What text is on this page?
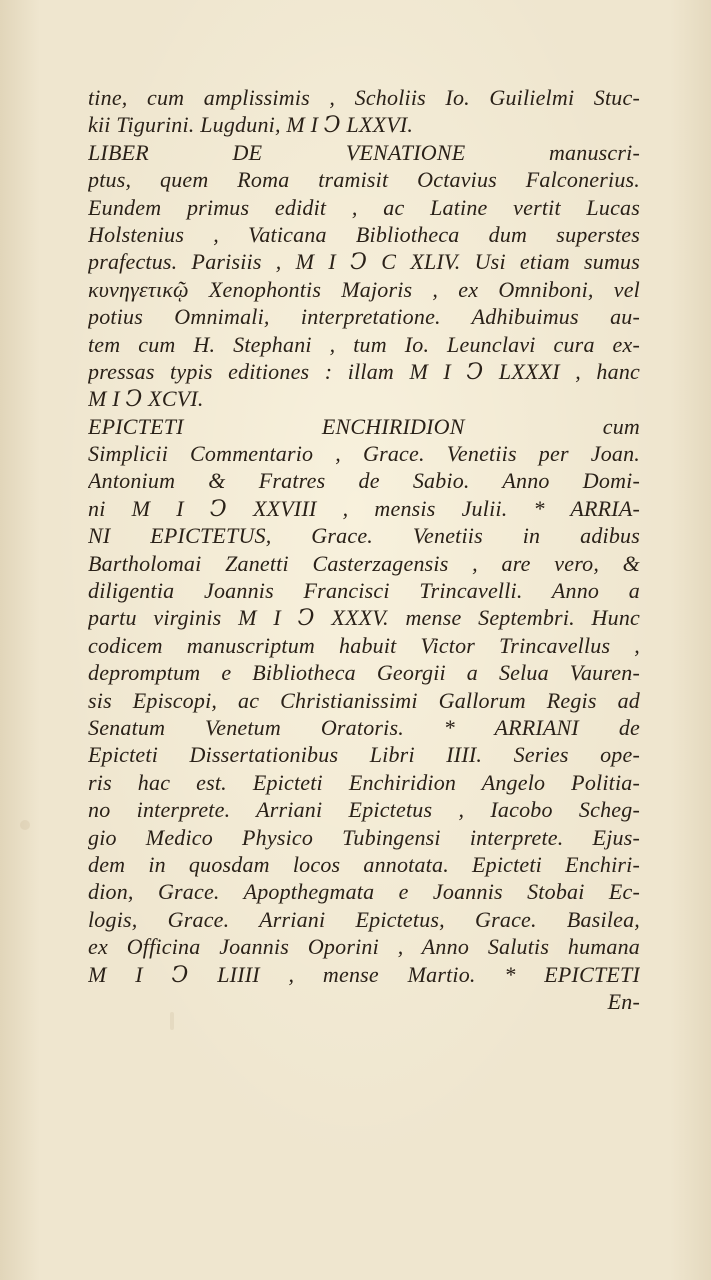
tine, cum amplissimis , Scholiis Io. Guilielmi Stuc-
kii Tigurini. Lugduni, M I Ↄ LXXVI.
LIBER DE VENATIONE manuscri-
ptus, quem Roma tramisit Octavius Falconerius.
Eundem primus edidit , ac Latine vertit Lucas
Holstenius , Vaticana Bibliotheca dum superstes
prafectus. Parisiis , M I Ↄ C XLIV. Usi etiam sumus
κυνηγετικῷ Xenophontis Majoris , ex Omniboni, vel
potius Omnimali, interpretatione. Adhibuimus au-
tem cum H. Stephani , tum Io. Leunclavi cura ex-
pressas typis editiones : illam M I Ↄ LXXXI , hanc
M I Ↄ XCVI.
EPICTETI ENCHIRIDION cum
Simplicii Commentario , Grace. Venetiis per Joan.
Antonium & Fratres de Sabio. Anno Domi-
ni M I Ↄ XXVIII , mensis Julii. * ARRIA-
NI EPICTETUS, Grace. Venetiis in adibus
Bartholomai Zanetti Casterzagensis , are vero, &
diligentia Joannis Francisci Trincavelli. Anno a
partu virginis M I Ↄ XXXV. mense Septembri. Hunc
codicem manuscriptum habuit Victor Trincavellus ,
depromptum e Bibliotheca Georgii a Selua Vauren-
sis Episcopi, ac Christianissimi Gallorum Regis ad
Senatum Venetum Oratoris. * ARRIANI de
Epicteti Dissertationibus Libri IIII. Series ope-
ris hac est. Epicteti Enchiridion Angelo Politia-
no interprete. Arriani Epictetus , Iacobo Scheg-
gio Medico Physico Tubingensi interprete. Ejus-
dem in quosdam locos annotata. Epicteti Enchiri-
dion, Grace. Apopthegmata e Joannis Stobai Ec-
logis, Grace. Arriani Epictetus, Grace. Basilea,
ex Officina Joannis Oporini , Anno Salutis humana
M I Ↄ LIIII , mense Martio. * EPICTETI
En-
